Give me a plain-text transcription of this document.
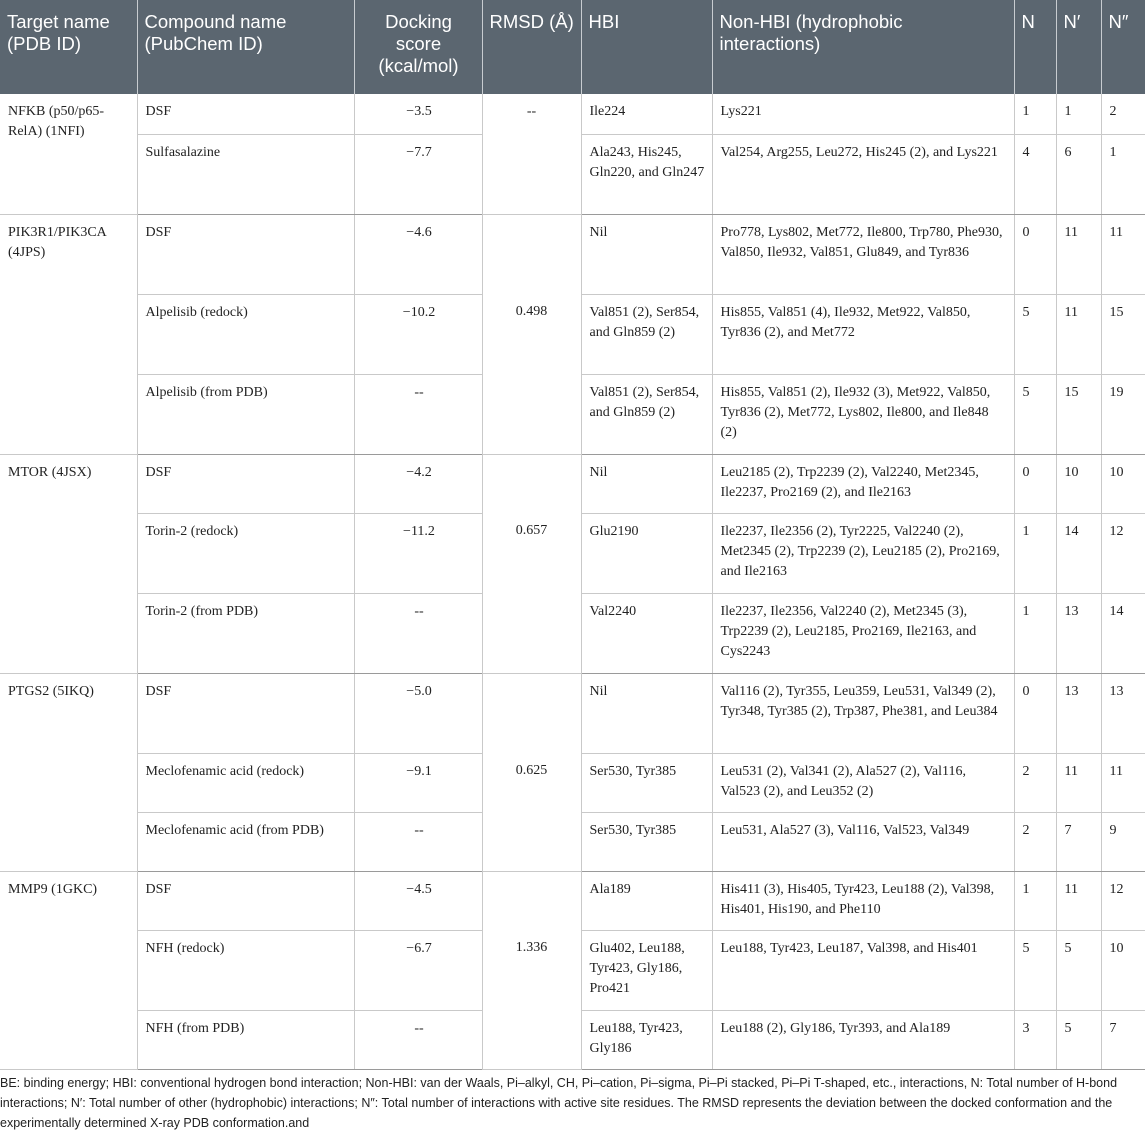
Target name (PDB ID)	Compound name (PubChem ID)	Docking score (kcal/mol)	RMSD (Å)	HBI	Non-HBI (hydrophobic interactions)	N	N′	N″
NFKB (p50/p65-RelA) (1NFI)	DSF	−3.5	--	Ile224	Lys221	1	1	2
	Sulfasalazine	−7.7		Ala243, His245, Gln220, and Gln247	Val254, Arg255, Leu272, His245 (2), and Lys221	4	6	1
PIK3R1/PIK3CA (4JPS)	DSF	−4.6		Nil	Pro778, Lys802, Met772, Ile800, Trp780, Phe930, Val850, Ile932, Val851, Glu849, and Tyr836	0	11	11
	Alpelisib (redock)	−10.2	0.498	Val851 (2), Ser854, and Gln859 (2)	His855, Val851 (4), Ile932, Met922, Val850, Tyr836 (2), and Met772	5	11	15
	Alpelisib (from PDB)	--		Val851 (2), Ser854, and Gln859 (2)	His855, Val851 (2), Ile932 (3), Met922, Val850, Tyr836 (2), Met772, Lys802, Ile800, and Ile848 (2)	5	15	19
MTOR (4JSX)	DSF	−4.2		Nil	Leu2185 (2), Trp2239 (2), Val2240, Met2345, Ile2237, Pro2169 (2), and Ile2163	0	10	10
	Torin-2 (redock)	−11.2	0.657	Glu2190	Ile2237, Ile2356 (2), Tyr2225, Val2240 (2), Met2345 (2), Trp2239 (2), Leu2185 (2), Pro2169, and Ile2163	1	14	12
	Torin-2 (from PDB)	--		Val2240	Ile2237, Ile2356, Val2240 (2), Met2345 (3), Trp2239 (2), Leu2185, Pro2169, Ile2163, and Cys2243	1	13	14
PTGS2 (5IKQ)	DSF	−5.0		Nil	Val116 (2), Tyr355, Leu359, Leu531, Val349 (2), Tyr348, Tyr385 (2), Trp387, Phe381, and Leu384	0	13	13
	Meclofenamic acid (redock)	−9.1	0.625	Ser530, Tyr385	Leu531 (2), Val341 (2), Ala527 (2), Val116, Val523 (2), and Leu352 (2)	2	11	11
	Meclofenamic acid (from PDB)	--		Ser530, Tyr385	Leu531, Ala527 (3), Val116, Val523, Val349	2	7	9
MMP9 (1GKC)	DSF	−4.5		Ala189	His411 (3), His405, Tyr423, Leu188 (2), Val398, His401, His190, and Phe110	1	11	12
	NFH (redock)	−6.7	1.336	Glu402, Leu188, Tyr423, Gly186, Pro421	Leu188, Tyr423, Leu187, Val398, and His401	5	5	10
	NFH (from PDB)	--		Leu188, Tyr423, Gly186	Leu188 (2), Gly186, Tyr393, and Ala189	3	5	7
BE: binding energy; HBI: conventional hydrogen bond interaction; Non-HBI: van der Waals, Pi–alkyl, CH, Pi–cation, Pi–sigma, Pi–Pi stacked, Pi–Pi T-shaped, etc., interactions, N: Total number of H-bond interactions; N′: Total number of other (hydrophobic) interactions; N″: Total number of interactions with active site residues. The RMSD represents the deviation between the docked conformation and the experimentally determined X-ray PDB conformation.and
